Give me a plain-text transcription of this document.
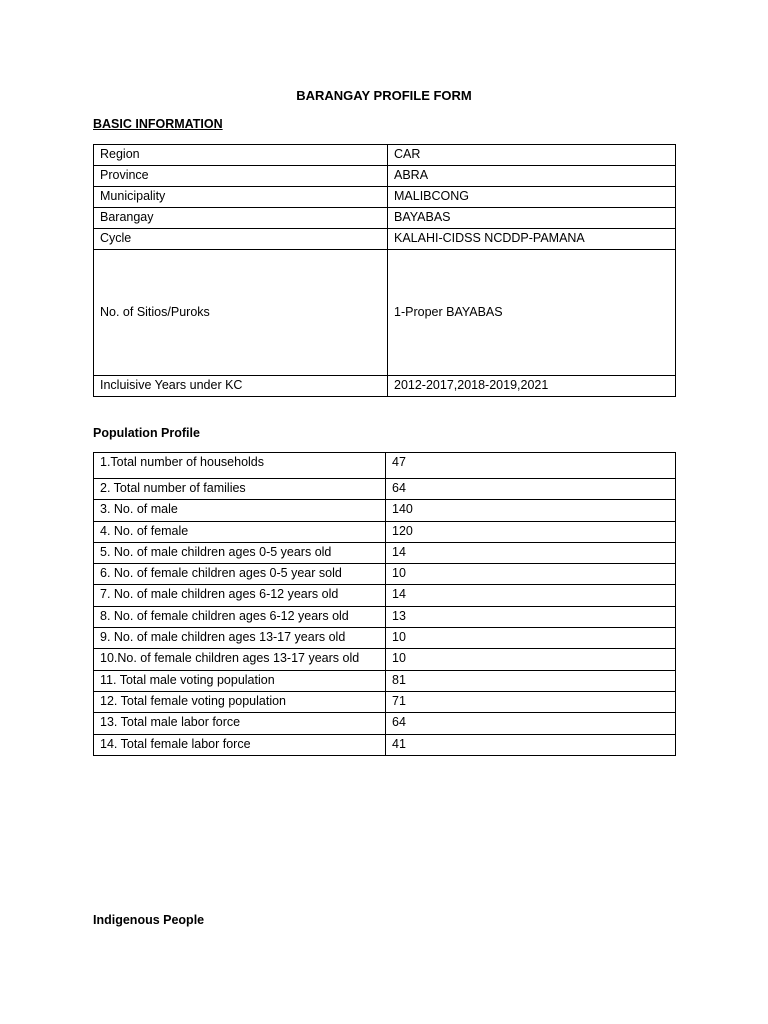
BARANGAY PROFILE FORM
BASIC INFORMATION
Region	CAR
Province	ABRA
Municipality	MALIBCONG
Barangay	BAYABAS
Cycle	KALAHI-CIDSS NCDDP-PAMANA
No. of Sitios/Puroks	1-Proper BAYABAS
Incluisive Years under KC	2012-2017,2018-2019,2021
Population Profile
1.Total number of households	47
2. Total number of families	64
3. No. of male	140
4. No. of female	120
5. No. of male children ages 0-5 years old	14
6. No. of female children ages 0-5 year sold	10
7. No. of male children ages 6-12 years old	14
8. No. of female children ages 6-12 years old	13
9. No. of male children ages 13-17 years old	10
10.No. of female children ages 13-17 years old	10
11. Total male voting population	81
12. Total female voting population	71
13. Total male labor force	64
14. Total female labor force	41
Indigenous People
